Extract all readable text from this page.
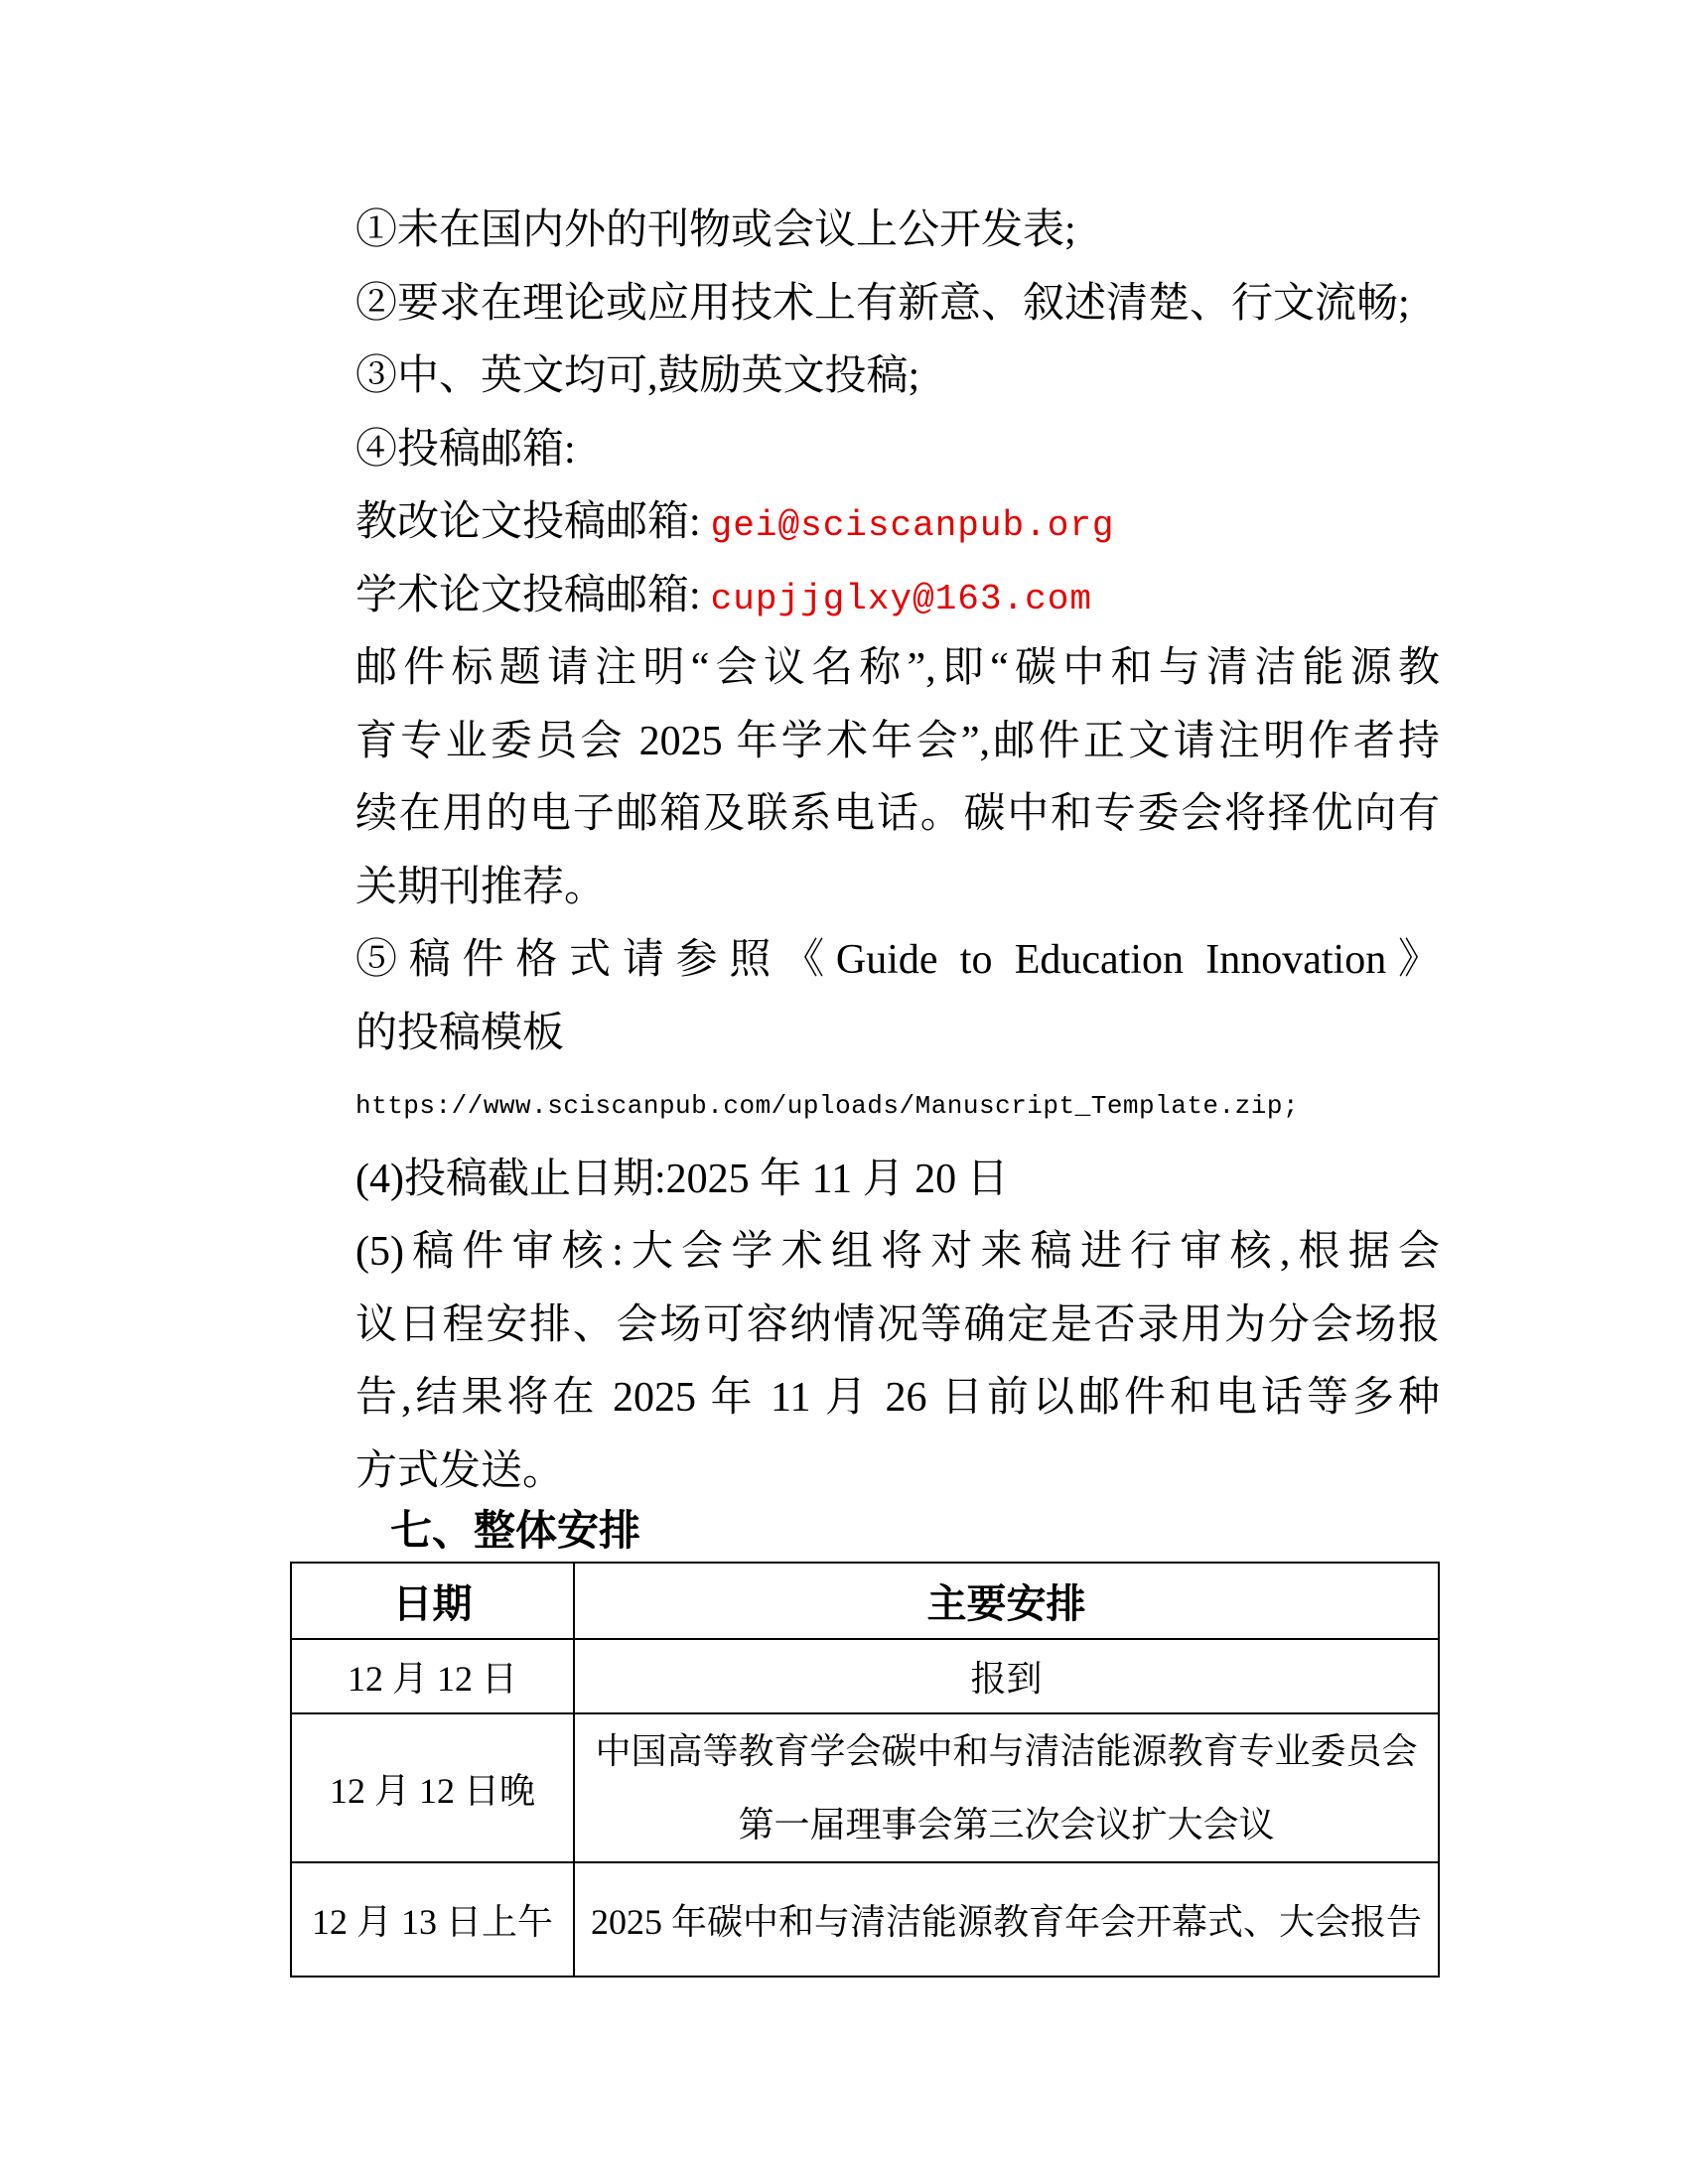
①未在国内外的刊物或会议上公开发表;
②要求在理论或应用技术上有新意、叙述清楚、行文流畅;
③中、英文均可,鼓励英文投稿;
④投稿邮箱:
教改论文投稿邮箱: gei@sciscanpub.org
学术论文投稿邮箱: cupjjglxy@163.com
邮件标题请注明“会议名称”,即“碳中和与清洁能源教
育专业委员会 2025 年学术年会”,邮件正文请注明作者持
续在用的电子邮箱及联系电话。碳中和专委会将择优向有
关期刊推荐。
⑤稿件格式请参照《Guide to Education Innovation》
的投稿模板
https://www.sciscanpub.com/uploads/Manuscript_Template.zip;
(4)投稿截止日期:2025 年 11 月 20 日
(5)稿件审核:大会学术组将对来稿进行审核,根据会
议日程安排、会场可容纳情况等确定是否录用为分会场报
告,结果将在 2025 年 11 月 26 日前以邮件和电话等多种
方式发送。
七、整体安排
日期	主要安排
12 月 12 日	报到
12 月 12 日晚	中国高等教育学会碳中和与清洁能源教育专业委员会
第一届理事会第三次会议扩大会议

12 月 13 日上午	2025 年碳中和与清洁能源教育年会开幕式、大会报告
